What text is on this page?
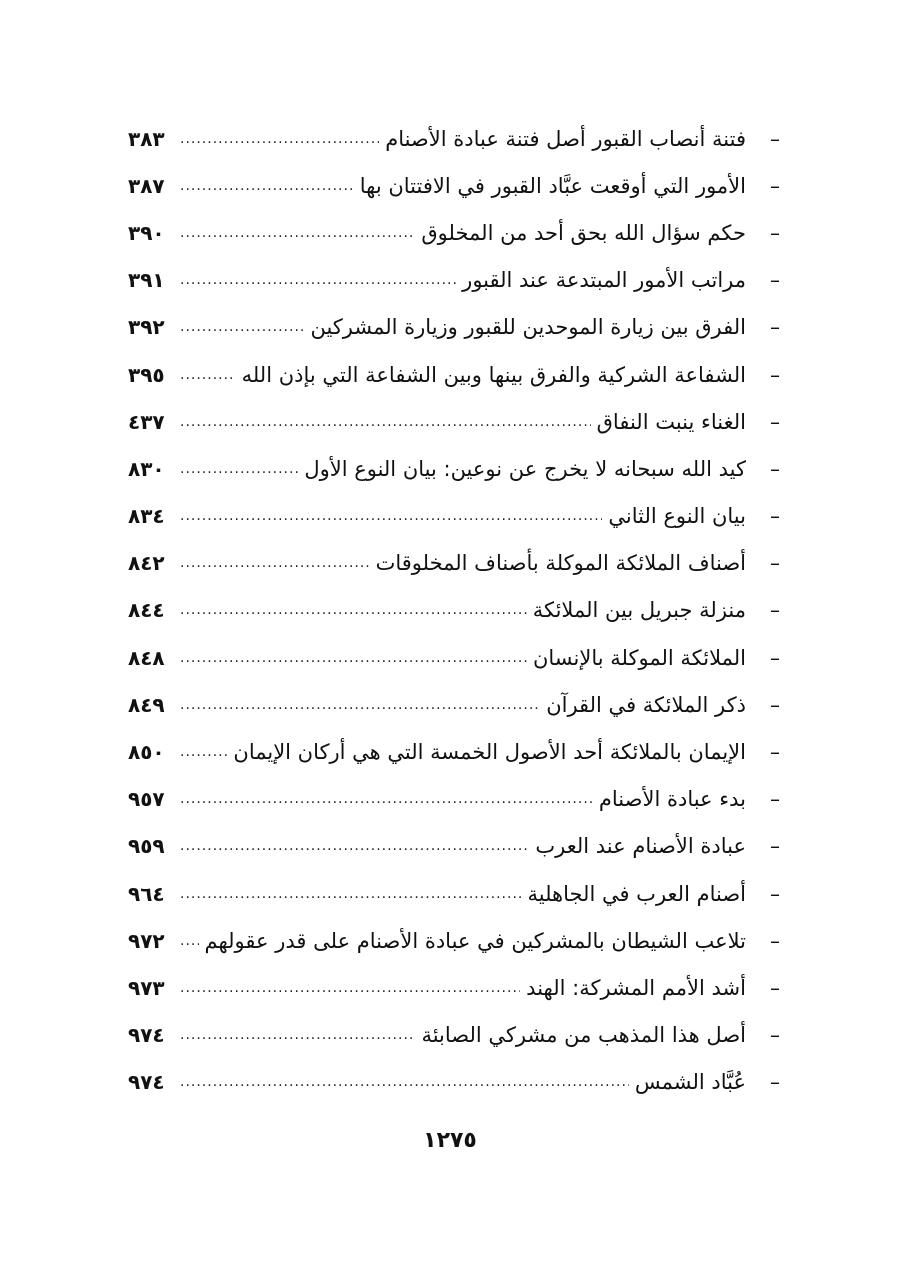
–
فتنة أنصاب القبور أصل فتنة عبادة الأصنام
.....
٣٨٣
–
الأمور التي أوقعت عبَّاد القبور في الافتتان بها
.....
٣٨٧
–
حكم سؤال الله بحق أحد من المخلوق
.....
٣٩٠
–
مراتب الأمور المبتدعة عند القبور
.....
٣٩١
–
الفرق بين زيارة الموحدين للقبور وزيارة المشركين
.....
٣٩٢
–
الشفاعة الشركية والفرق بينها وبين الشفاعة التي بإذن الله
.....
٣٩٥
–
الغناء ينبت النفاق
.....
٤٣٧
–
كيد الله سبحانه لا يخرج عن نوعين: بيان النوع الأول
.....
٨٣٠
–
بيان النوع الثاني
.....
٨٣٤
–
أصناف الملائكة الموكلة بأصناف المخلوقات
.....
٨٤٢
–
منزلة جبريل بين الملائكة
.....
٨٤٤
–
الملائكة الموكلة بالإنسان
.....
٨٤٨
–
ذكر الملائكة في القرآن
.....
٨٤٩
–
الإيمان بالملائكة أحد الأصول الخمسة التي هي أركان الإيمان
.....
٨٥٠
–
بدء عبادة الأصنام
.....
٩٥٧
–
عبادة الأصنام عند العرب
.....
٩٥٩
–
أصنام العرب في الجاهلية
.....
٩٦٤
–
تلاعب الشيطان بالمشركين في عبادة الأصنام على قدر عقولهم
.....
٩٧٢
–
أشد الأمم المشركة: الهند
.....
٩٧٣
–
أصل هذا المذهب من مشركي الصابئة
.....
٩٧٤
–
عُبَّاد الشمس
.....
٩٧٤
١٢٧٥
